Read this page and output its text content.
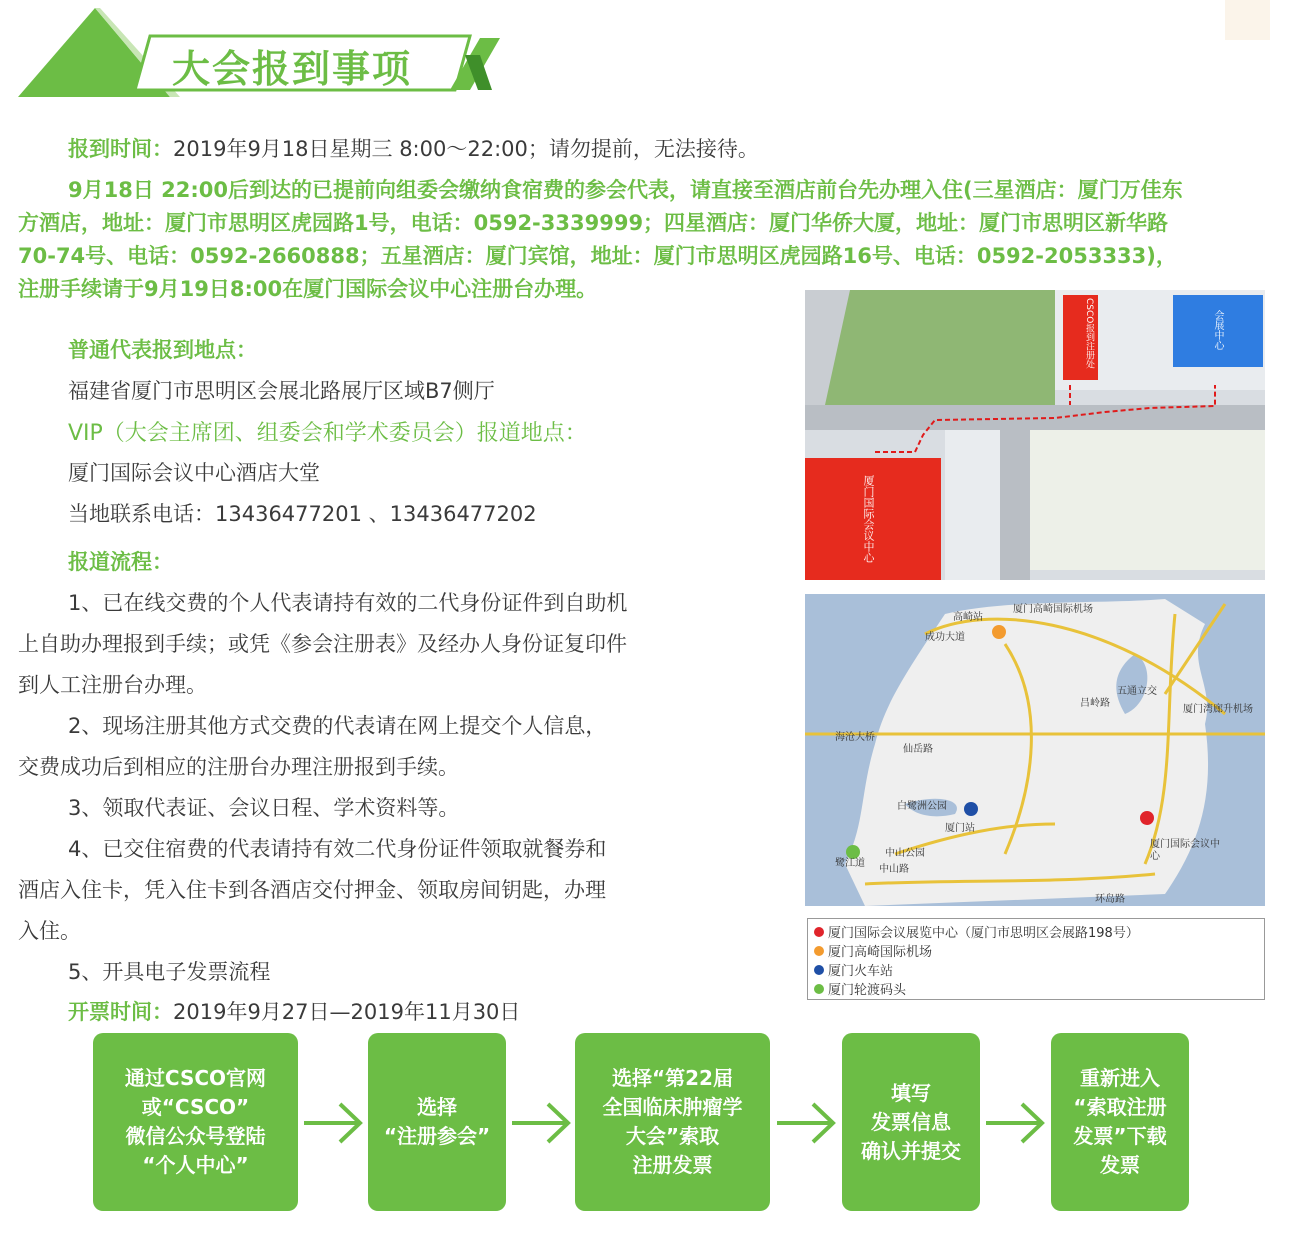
大会报到事项
报到时间：2019年9月18日星期三 8:00～22:00；请勿提前，无法接待。
9月18日 22:00后到达的已提前向组委会缴纳食宿费的参会代表，请直接至酒店前台先办理入住(三星酒店：厦门万佳东
方酒店，地址：厦门市思明区虎园路1号，电话：0592-3339999；四星酒店：厦门华侨大厦，地址：厦门市思明区新华路
70-74号、电话：0592-2660888；五星酒店：厦门宾馆，地址：厦门市思明区虎园路16号、电话：0592-2053333)，
注册手续请于9月19日8:00在厦门国际会议中心注册台办理。
普通代表报到地点：
福建省厦门市思明区会展北路展厅区域B7侧厅
VIP（大会主席团、组委会和学术委员会）报道地点：
厦门国际会议中心酒店大堂
当地联系电话：13436477201 、13436477202
报道流程：
1、已在线交费的个人代表请持有效的二代身份证件到自助机
上自助办理报到手续；或凭《参会注册表》及经办人身份证复印件
到人工注册台办理。
2、现场注册其他方式交费的代表请在网上提交个人信息，
交费成功后到相应的注册台办理注册报到手续。
3、领取代表证、会议日程、学术资料等。
4、已交住宿费的代表请持有效二代身份证件领取就餐券和
酒店入住卡，凭入住卡到各酒店交付押金、领取房间钥匙，办理
入住。
5、开具电子发票流程
开票时间：2019年9月27日—2019年11月30日
CSCO报到注册处	会展中心
厦门国际会议中心
厦门高崎国际机场
高崎站
成功大道
五通立交
厦门湾廊升机场
海沧大桥
仙岳路
白鹭洲公园
厦门站
中山公园
中山路
鹭江道
厦门国际会议中心
环岛路
吕岭路
厦门国际会议展览中心（厦门市思明区会展路198号）
厦门高崎国际机场
厦门火车站
厦门轮渡码头
通过CSCO官网
或“CSCO”
微信公众号登陆
“个人中心”
选择
“注册参会”
选择“第22届
全国临床肿瘤学
大会”索取
注册发票
填写
发票信息
确认并提交
重新进入
“索取注册
发票”下载
发票
